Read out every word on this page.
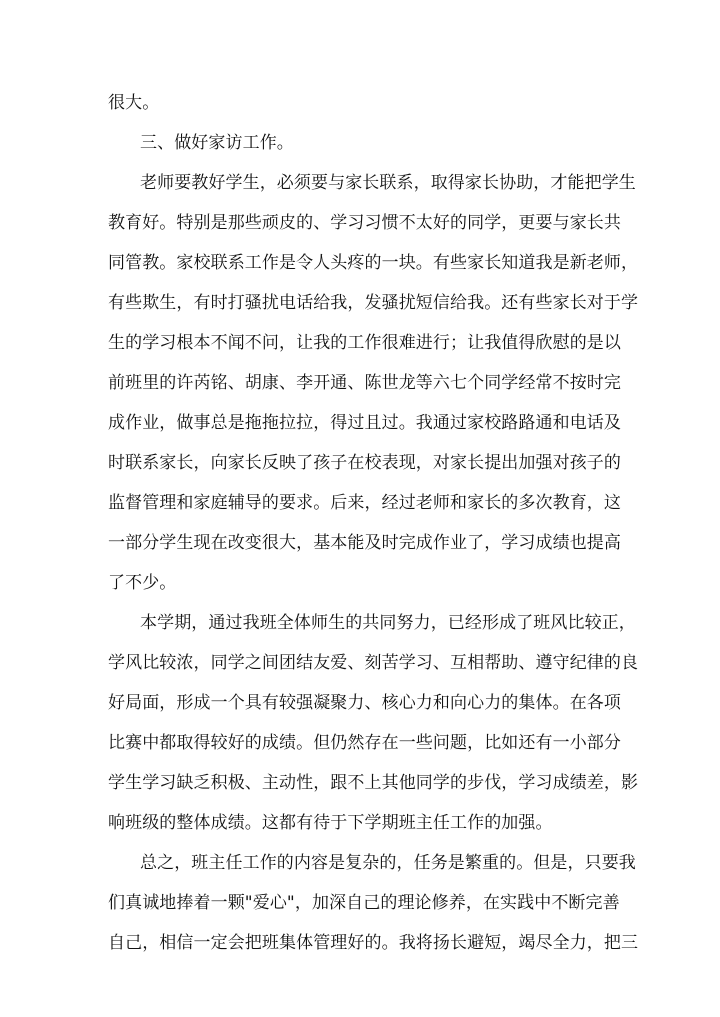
很大。
三、做好家访工作。
老师要教好学生，必须要与家长联系，取得家长协助，才能把学生
教育好。特别是那些顽皮的、学习习惯不太好的同学，更要与家长共
同管教。家校联系工作是令人头疼的一块。有些家长知道我是新老师，
有些欺生，有时打骚扰电话给我，发骚扰短信给我。还有些家长对于学
生的学习根本不闻不问，让我的工作很难进行；让我值得欣慰的是以
前班里的许芮铭、胡康、李开通、陈世龙等六七个同学经常不按时完
成作业，做事总是拖拖拉拉，得过且过。我通过家校路路通和电话及
时联系家长，向家长反映了孩子在校表现，对家长提出加强对孩子的
监督管理和家庭辅导的要求。后来，经过老师和家长的多次教育，这
一部分学生现在改变很大，基本能及时完成作业了，学习成绩也提高
了不少。
本学期，通过我班全体师生的共同努力，已经形成了班风比较正，
学风比较浓，同学之间团结友爱、刻苦学习、互相帮助、遵守纪律的良
好局面，形成一个具有较强凝聚力、核心力和向心力的集体。在各项
比赛中都取得较好的成绩。但仍然存在一些问题，比如还有一小部分
学生学习缺乏积极、主动性，跟不上其他同学的步伐，学习成绩差，影
响班级的整体成绩。这都有待于下学期班主任工作的加强。
总之，班主任工作的内容是复杂的，任务是繁重的。但是，只要我
们真诚地捧着一颗"爱心"，加深自己的理论修养，在实践中不断完善
自己，相信一定会把班集体管理好的。我将扬长避短，竭尽全力，把三
